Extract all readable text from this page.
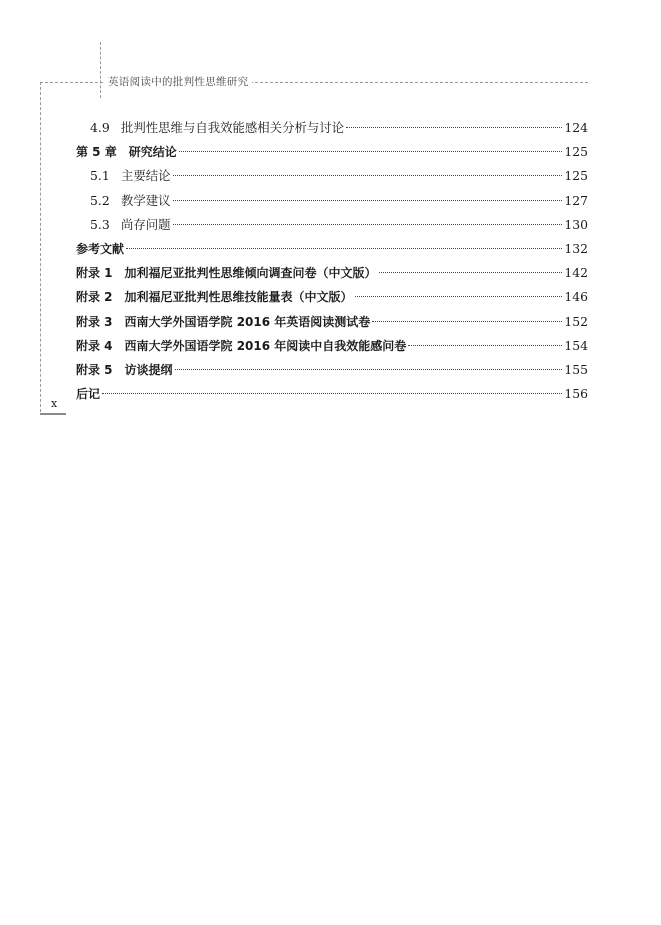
英语阅读中的批判性思维研究
4.9 批判性思维与自我效能感相关分析与讨论	124
第 5 章 研究结论	125
5.1 主要结论	125
5.2 教学建议	127
5.3 尚存问题	130
参考文献	132
附录 1 加利福尼亚批判性思维倾向调查问卷（中文版）	142
附录 2 加利福尼亚批判性思维技能量表（中文版）	146
附录 3 西南大学外国语学院 2016 年英语阅读测试卷	152
附录 4 西南大学外国语学院 2016 年阅读中自我效能感问卷	154
附录 5 访谈提纲	155
后记	156
x
